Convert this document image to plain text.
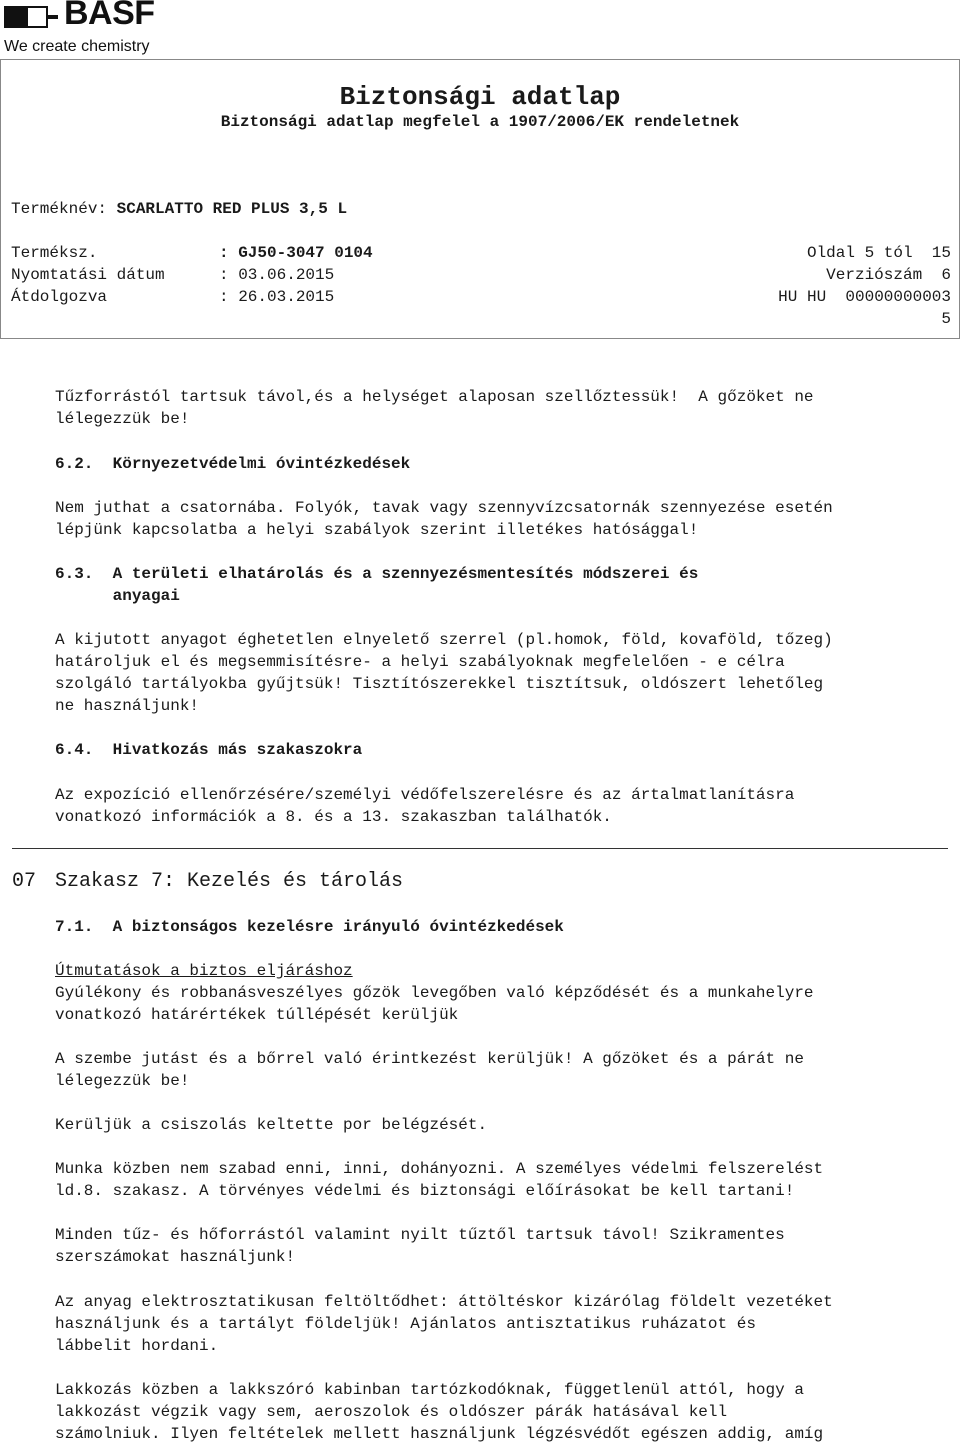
BASF
We create chemistry
Biztonsági adatlap
Biztonsági adatlap megfelel a 1907/2006/EK rendeletnek
Terméknév: SCARLATTO RED PLUS 3,5 L
Terméksz.	: GJ50-3047 0104
Nyomtatási dátum	: 03.06.2015
Átdolgozva	: 26.03.2015
Oldal 5 tól  15
Verziószám  6
HU HU  00000000003
5
Tűzforrástól tartsuk távol,és a helységet alaposan szellőztessük!  A gőzöket ne
lélegezzük be!
6.2.  Környezetvédelmi óvintézkedések
Nem juthat a csatornába. Folyók, tavak vagy szennyvízcsatornák szennyezése esetén
lépjünk kapcsolatba a helyi szabályok szerint illetékes hatósággal!
6.3.  A területi elhatárolás és a szennyezésmentesítés módszerei és
anyagai
A kijutott anyagot éghetetlen elnyelető szerrel (pl.homok, föld, kovaföld, tőzeg)
határoljuk el és megsemmisítésre- a helyi szabályoknak megfelelően - e célra
szolgáló tartályokba gyűjtsük! Tisztítószerekkel tisztítsuk, oldószert lehetőleg
ne használjunk!
6.4.  Hivatkozás más szakaszokra
Az expozíció ellenőrzésére/személyi védőfelszerelésre és az ártalmatlanításra
vonatkozó információk a 8. és a 13. szakaszban találhatók.
07 Szakasz 7: Kezelés és tárolás
7.1.  A biztonságos kezelésre irányuló óvintézkedések
Útmutatások a biztos eljáráshoz
Gyúlékony és robbanásveszélyes gőzök levegőben való képződését és a munkahelyre
vonatkozó határértékek túllépését kerüljük
A szembe jutást és a bőrrel való érintkezést kerüljük! A gőzöket és a párát ne
lélegezzük be!
Kerüljük a csiszolás keltette por belégzését.
Munka közben nem szabad enni, inni, dohányozni. A személyes védelmi felszerelést
ld.8. szakasz. A törvényes védelmi és biztonsági előírásokat be kell tartani!
Minden tűz- és hőforrástól valamint nyilt tűztől tartsuk távol! Szikramentes
szerszámokat használjunk!
Az anyag elektrosztatikusan feltöltődhet: áttöltéskor kizárólag földelt vezetéket
használjunk és a tartályt földeljük! Ajánlatos antisztatikus ruházatot és
lábbelit hordani.
Lakkozás közben a lakkszóró kabinban tartózkodóknak, függetlenül attól, hogy a
lakkozást végzik vagy sem, aeroszolok és oldószer párák hatásával kell
számolniuk. Ilyen feltételek mellett használjunk légzésvédőt egészen addig, amíg
